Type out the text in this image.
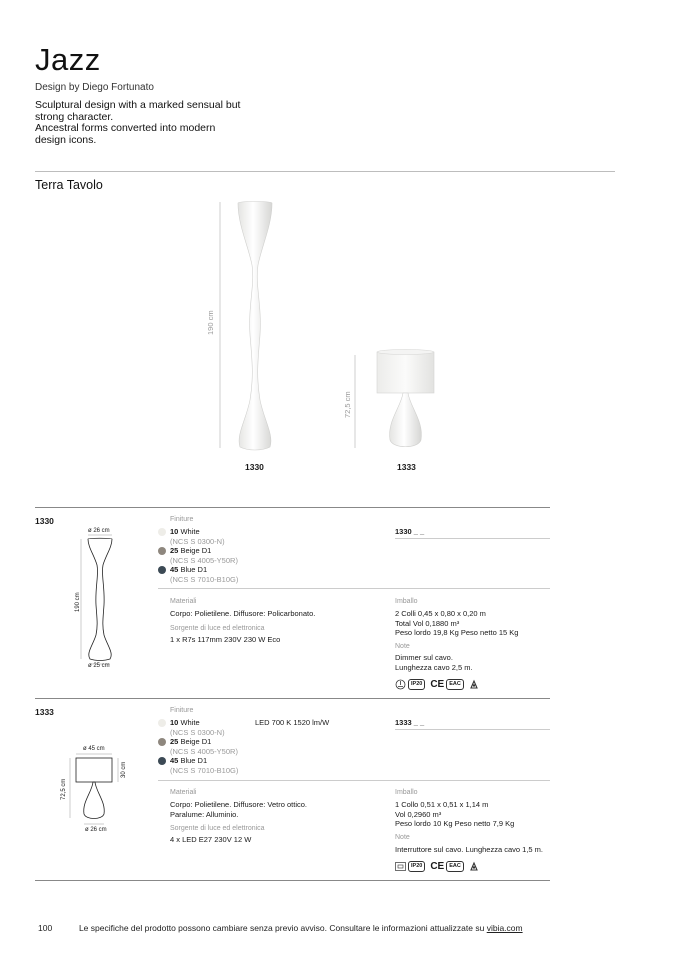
Jazz
Design by Diego Fortunato
Sculptural design with a marked sensual but
strong character.
Ancestral forms converted into modern
design icons.
Terra Tavolo
190 cm
72,5 cm
1330	1333
1330
ø 26 cm
190 cm
ø 25 cm
Finiture
10 White
(NCS S 0300-N)
25 Beige D1
(NCS S 4005-Y50R)
45 Blue D1
(NCS S 7010-B10G)
1330 _ _
Materiali
Corpo: Polietilene. Diffusore: Policarbonato.
Sorgente di luce ed elettronica
1 x R7s 117mm 230V 230 W Eco
Imballo
2 Colli 0,45 x 0,80 x 0,20 m
Total Vol 0,1880 m³
Peso lordo 19,8 Kg Peso netto 15 Kg
Note
Dimmer sul cavo.
Lunghezza cavo 2,5 m.
IP20 CE EAC
1333
ø 45 cm
72,5 cm
30 cm
ø 26 cm
Finiture
10 White
(NCS S 0300-N)
25 Beige D1
(NCS S 4005-Y50R)
45 Blue D1
(NCS S 7010-B10G)
LED 700 K 1520 lm/W	1333 _ _
Materiali
Corpo: Polietilene. Diffusore: Vetro ottico.
Paralume: Alluminio.
Sorgente di luce ed elettronica
4 x LED E27 230V 12 W
Imballo
1 Collo 0,51 x 0,51 x 1,14 m
Vol 0,2960 m³
Peso lordo 10 Kg Peso netto 7,9 Kg
Note
Interruttore sul cavo. Lunghezza cavo 1,5 m.
IP20 CE EAC
100	Le specifiche del prodotto possono cambiare senza previo avviso. Consultare le informazioni attualizzate su vibia.com
